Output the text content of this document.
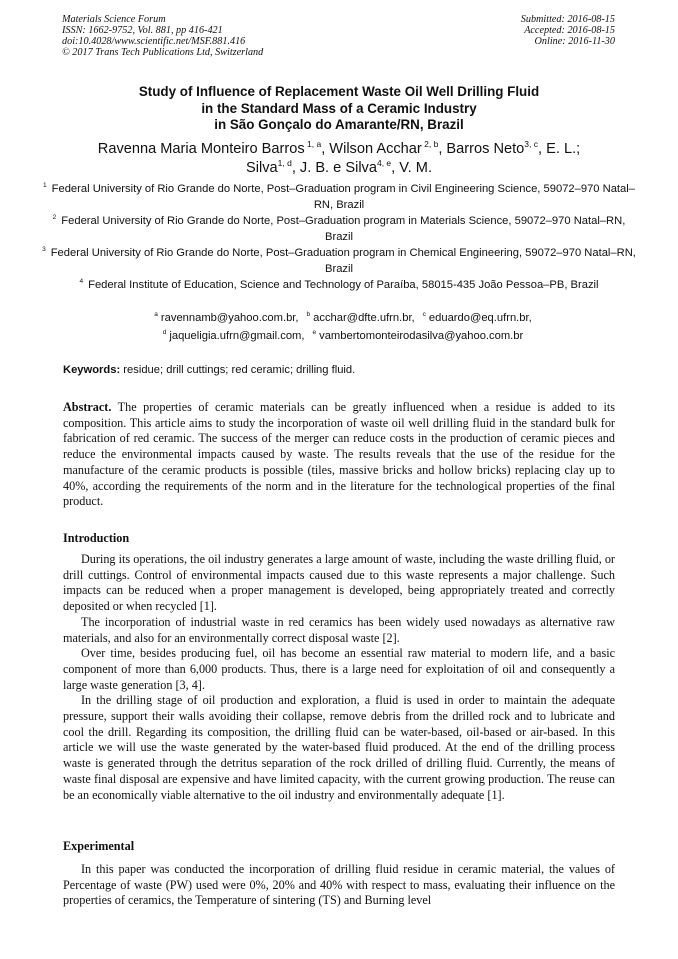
Materials Science Forum
ISSN: 1662-9752, Vol. 881, pp 416-421
doi:10.4028/www.scientific.net/MSF.881.416
© 2017 Trans Tech Publications Ltd, Switzerland
Submitted: 2016-08-15
Accepted: 2016-08-15
Online: 2016-11-30
Study of Influence of Replacement Waste Oil Well Drilling Fluid
in the Standard Mass of a Ceramic Industry
in São Gonçalo do Amarante/RN, Brazil
Ravenna Maria Monteiro Barros $^{1, a}$, Wilson Acchar $^{2, b}$, Barros Neto$^{3, c}$, E. L.;
Silva$^{1, d}$, J. B. e Silva$^{4, e}$, V. M.

$^1$ Federal University of Rio Grande do Norte, Post–Graduation program in Civil Engineering Science, 59072–970 Natal–RN, Brazil

$^2$ Federal University of Rio Grande do Norte, Post–Graduation program in Materials Science, 59072–970 Natal–RN, Brazil

$^3$ Federal University of Rio Grande do Norte, Post–Graduation program in Chemical Engineering, 59072–970 Natal–RN, Brazil

$^4$ Federal Institute of Education, Science and Technology of Paraíba, 58015-435 João Pessoa–PB, Brazil

$^a$ ravennamb@yahoo.com.br, $^b$ acchar@dfte.ufrn.br, $^c$ eduardo@eq.ufrn.br,
$^d$ jaqueligia.ufrn@gmail.com, $^e$ vambertomonteirodasilva@yahoo.com.br
Keywords: residue; drill cuttings; red ceramic; drilling fluid.
Abstract. The properties of ceramic materials can be greatly influenced when a residue is added to its composition. This article aims to study the incorporation of waste oil well drilling fluid in the standard bulk for fabrication of red ceramic. The success of the merger can reduce costs in the production of ceramic pieces and reduce the environmental impacts caused by waste. The results reveals that the use of the residue for the manufacture of the ceramic products is possible (tiles, massive bricks and hollow bricks) replacing clay up to 40%, according the requirements of the norm and in the literature for the technological properties of the final product.
Introduction

During its operations, the oil industry generates a large amount of waste, including the waste drilling fluid, or drill cuttings. Control of environmental impacts caused due to this waste represents a major challenge. Such impacts can be reduced when a proper management is developed, being appropriately treated and correctly deposited or when recycled [1].

The incorporation of industrial waste in red ceramics has been widely used nowadays as alternative raw materials, and also for an environmentally correct disposal waste [2].

Over time, besides producing fuel, oil has become an essential raw material to modern life, and a basic component of more than 6,000 products. Thus, there is a large need for exploitation of oil and consequently a large waste generation [3, 4].

In the drilling stage of oil production and exploration, a fluid is used in order to maintain the adequate pressure, support their walls avoiding their collapse, remove debris from the drilled rock and to lubricate and cool the drill. Regarding its composition, the drilling fluid can be water-based, oil-based or air-based. In this article we will use the waste generated by the water-based fluid produced. At the end of the drilling process waste is generated through the detritus separation of the rock drilled of drilling fluid. Currently, the means of waste final disposal are expensive and have limited capacity, with the current growing production. The reuse can be an economically viable alternative to the oil industry and environmentally adequate [1].

Experimental

In this paper was conducted the incorporation of drilling fluid residue in ceramic material, the values of Percentage of waste (PW) used were 0%, 20% and 40% with respect to mass, evaluating their influence on the properties of ceramics, the Temperature of sintering (TS) and Burning level
